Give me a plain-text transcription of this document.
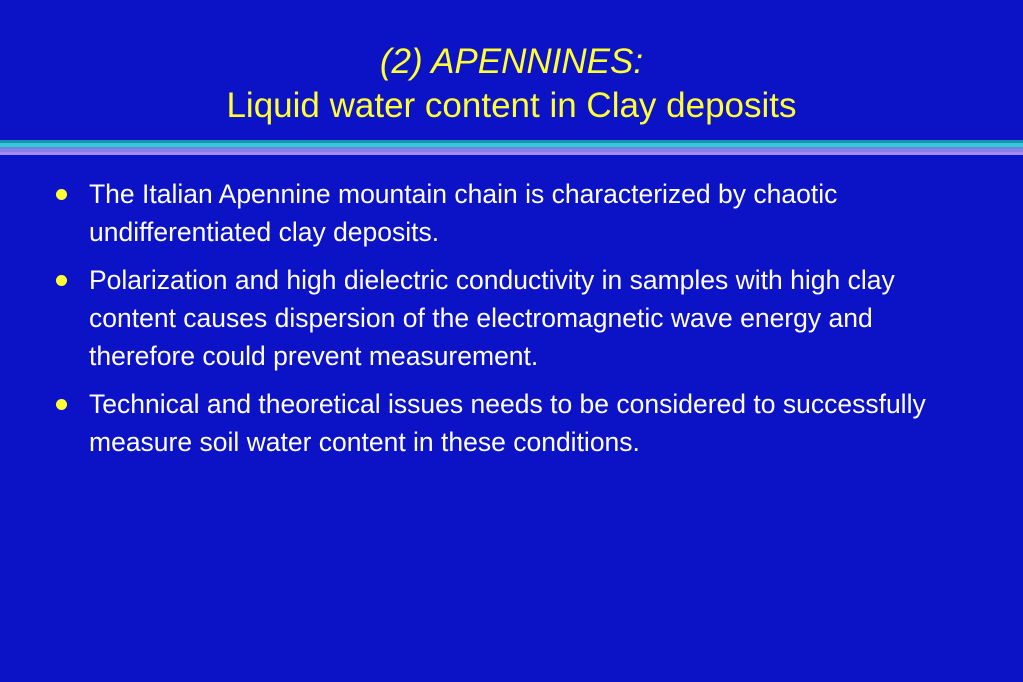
(2) APENNINES:
Liquid water content in Clay deposits
The Italian Apennine mountain chain is characterized by chaotic undifferentiated clay deposits.
Polarization and high dielectric conductivity in samples with high clay content causes dispersion of the electromagnetic wave energy and therefore could prevent measurement.
Technical and theoretical issues needs to be considered to successfully measure soil water content in these conditions.
